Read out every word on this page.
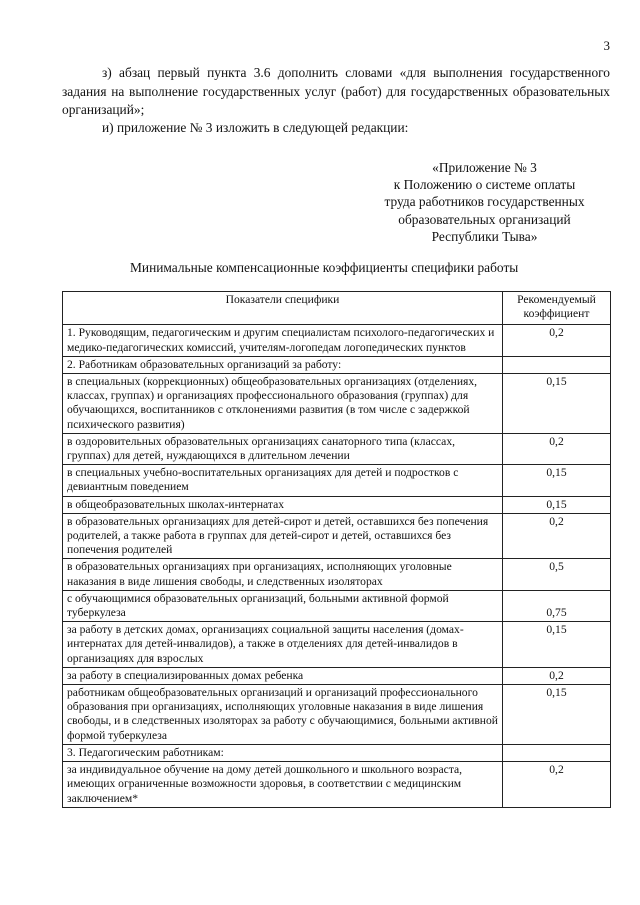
3
з) абзац первый пункта 3.6 дополнить словами «для выполнения государственного задания на выполнение государственных услуг (работ) для государственных образовательных организаций»;
и) приложение № 3 изложить в следующей редакции:
«Приложение № 3
к Положению о системе оплаты
труда работников государственных
образовательных организаций
Республики Тыва»
Минимальные компенсационные коэффициенты специфики работы
Показатели специфики	Рекомендуемый коэффициент
1. Руководящим, педагогическим и другим специалистам психолого-педагогических и медико-педагогических комиссий, учителям-логопедам логопедических пунктов	0,2
2. Работникам образовательных организаций за работу:	
в специальных (коррекционных) общеобразовательных организациях (отделениях, классах, группах) и организациях профессионального образования (группах) для обучающихся, воспитанников с отклонениями развития (в том числе с задержкой психического развития)	0,15
в оздоровительных образовательных организациях санаторного типа (классах, группах) для детей, нуждающихся в длительном лечении	0,2
в специальных учебно-воспитательных организациях для детей и подростков с девиантным поведением	0,15
в общеобразовательных школах-интернатах	0,15
в образовательных организациях для детей-сирот и детей, оставшихся без попечения родителей, а также работа в группах для детей-сирот и детей, оставшихся без попечения родителей	0,2
в образовательных организациях при организациях, исполняющих уголовные наказания в виде лишения свободы, и следственных изоляторах	0,5
с обучающимися образовательных организаций, больными активной формой туберкулеза	0,75
за работу в детских домах, организациях социальной защиты населения (домах-интернатах для детей-инвалидов), а также в отделениях для детей-инвалидов в организациях для взрослых	0,15
за работу в специализированных домах ребенка	0,2
работникам общеобразовательных организаций и организаций профессионального образования при организациях, исполняющих уголовные наказания в виде лишения свободы, и в следственных изоляторах за работу с обучающимися, больными активной формой туберкулеза	0,15
3. Педагогическим работникам:	
за индивидуальное обучение на дому детей дошкольного и школьного возраста, имеющих ограниченные возможности здоровья, в соответствии с медицинским заключением*	0,2
